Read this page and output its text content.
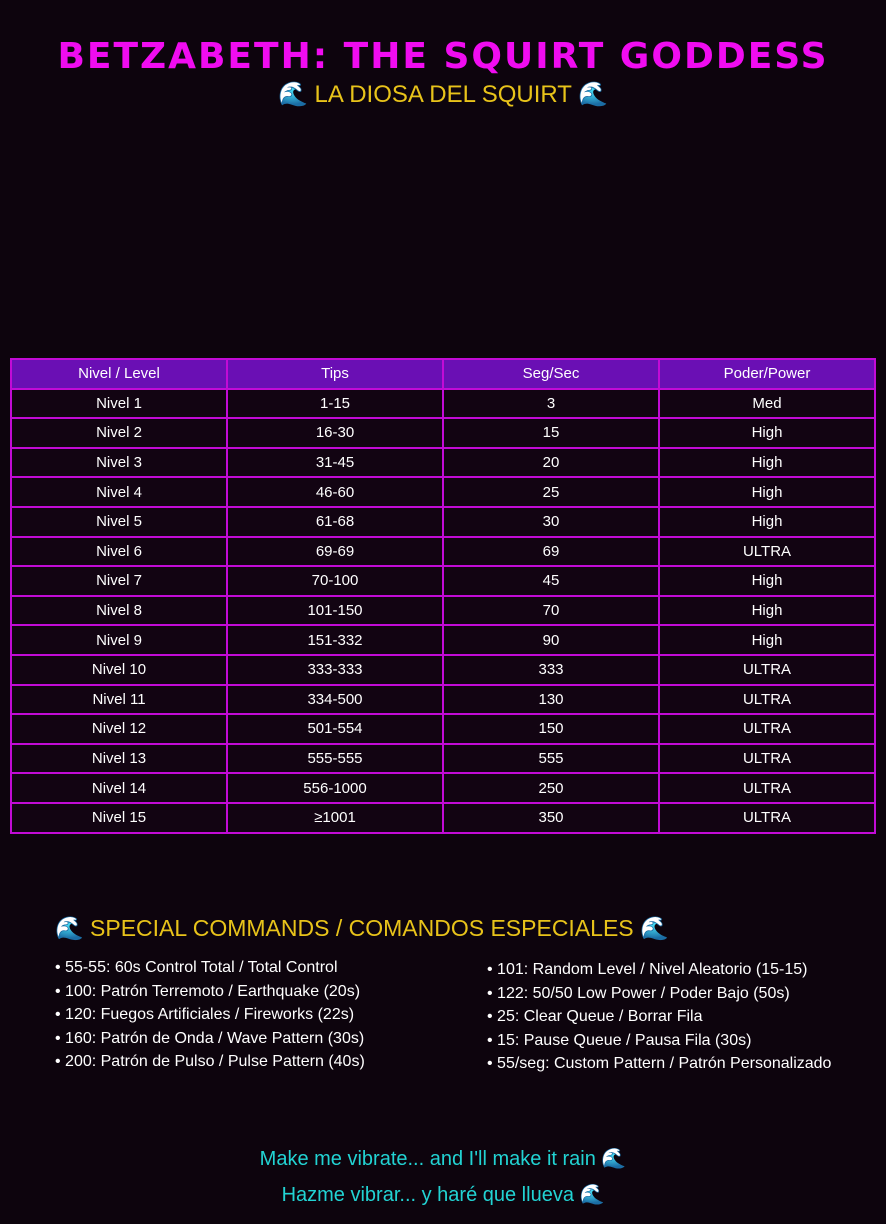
BETZABETH: THE SQUIRT GODDESS
🌊 LA DIOSA DEL SQUIRT 🌊
Nivel / Level	Tips	Seg/Sec	Poder/Power
Nivel 1	1-15	3	Med
Nivel 2	16-30	15	High
Nivel 3	31-45	20	High
Nivel 4	46-60	25	High
Nivel 5	61-68	30	High
Nivel 6	69-69	69	ULTRA
Nivel 7	70-100	45	High
Nivel 8	101-150	70	High
Nivel 9	151-332	90	High
Nivel 10	333-333	333	ULTRA
Nivel 11	334-500	130	ULTRA
Nivel 12	501-554	150	ULTRA
Nivel 13	555-555	555	ULTRA
Nivel 14	556-1000	250	ULTRA
Nivel 15	≥1001	350	ULTRA
🌊 SPECIAL COMMANDS / COMANDOS ESPECIALES 🌊
• 55-55: 60s Control Total / Total Control
• 100: Patrón Terremoto / Earthquake (20s)
• 120: Fuegos Artificiales / Fireworks (22s)
• 160: Patrón de Onda / Wave Pattern (30s)
• 200: Patrón de Pulso / Pulse Pattern (40s)
• 101: Random Level / Nivel Aleatorio (15-15)
• 122: 50/50 Low Power / Poder Bajo (50s)
• 25: Clear Queue / Borrar Fila
• 15: Pause Queue / Pausa Fila (30s)
• 55/seg: Custom Pattern / Patrón Personalizado
Make me vibrate... and I'll make it rain 🌊
Hazme vibrar... y haré que llueva 🌊
